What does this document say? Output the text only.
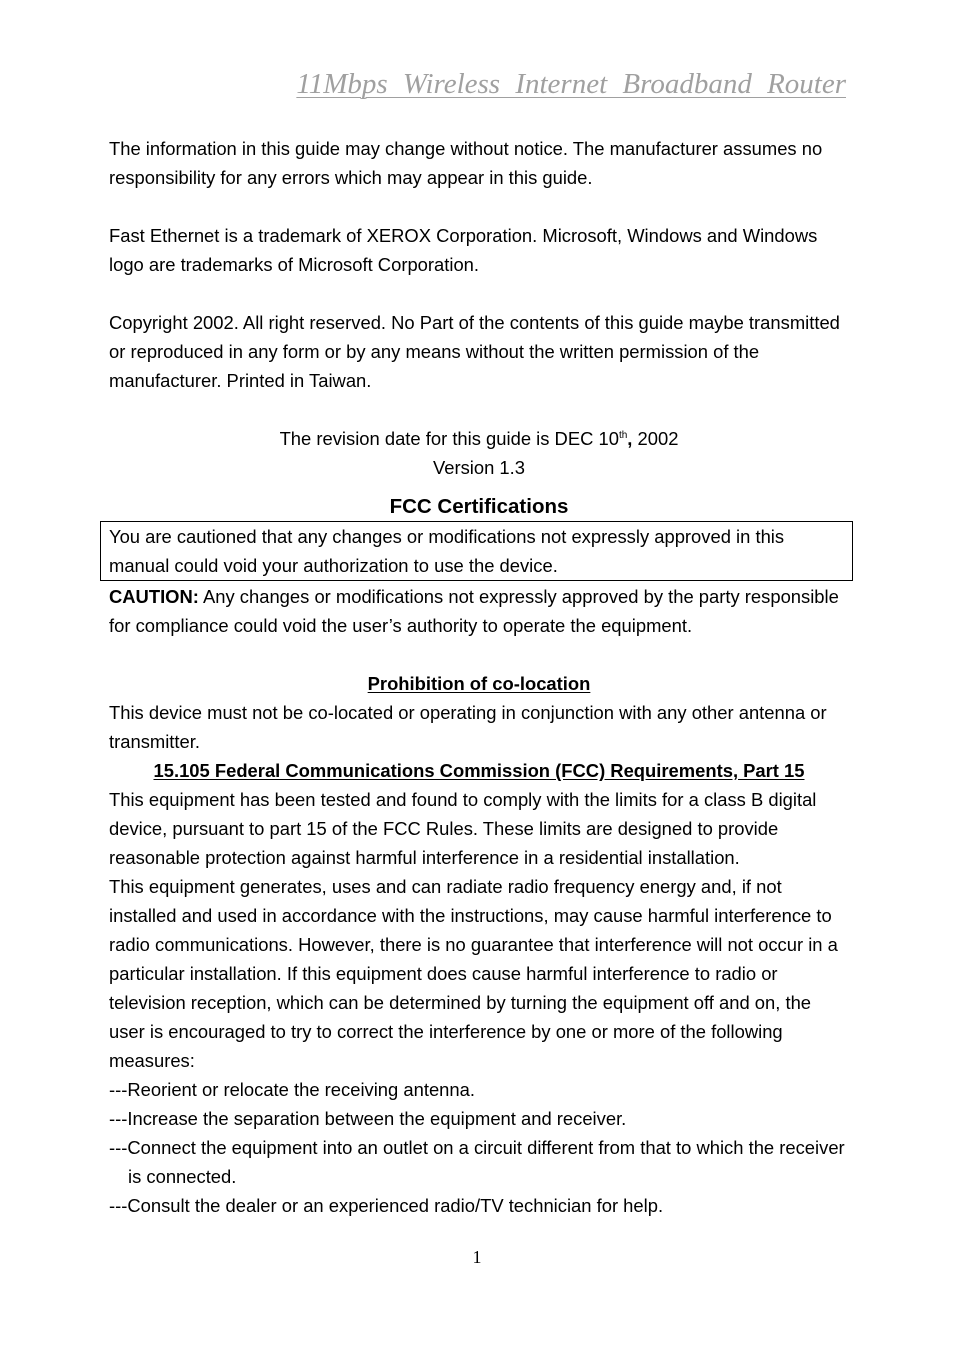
11Mbps Wireless Internet Broadband Router

The information in this guide may change without notice. The manufacturer assumes no responsibility for any errors which may appear in this guide.

Fast Ethernet is a trademark of XEROX Corporation. Microsoft, Windows and Windows logo are trademarks of Microsoft Corporation.

Copyright 2002. All right reserved. No Part of the contents of this guide maybe transmitted or reproduced in any form or by any means without the written permission of the manufacturer. Printed in Taiwan.

The revision date for this guide is DEC 10th, 2002

Version 1.3

FCC Certifications

You are cautioned that any changes or modifications not expressly approved in this manual could void your authorization to use the device.

CAUTION: Any changes or modifications not expressly approved by the party responsible for compliance could void the user’s authority to operate the equipment.

Prohibition of co-location

This device must not be co-located or operating in conjunction with any other antenna or transmitter.

15.105 Federal Communications Commission (FCC) Requirements, Part 15

This equipment has been tested and found to comply with the limits for a class B digital device, pursuant to part 15 of the FCC Rules. These limits are designed to provide reasonable protection against harmful interference in a residential installation.

This equipment generates, uses and can radiate radio frequency energy and, if not installed and used in accordance with the instructions, may cause harmful interference to radio communications. However, there is no guarantee that interference will not occur in a particular installation. If this equipment does cause harmful interference to radio or television reception, which can be determined by turning the equipment off and on, the user is encouraged to try to correct the interference by one or more of the following measures:

---Reorient or relocate the receiving antenna.

---Increase the separation between the equipment and receiver.

---Connect the equipment into an outlet on a circuit different from that to which the receiver is connected.

---Consult the dealer or an experienced radio/TV technician for help.

1
